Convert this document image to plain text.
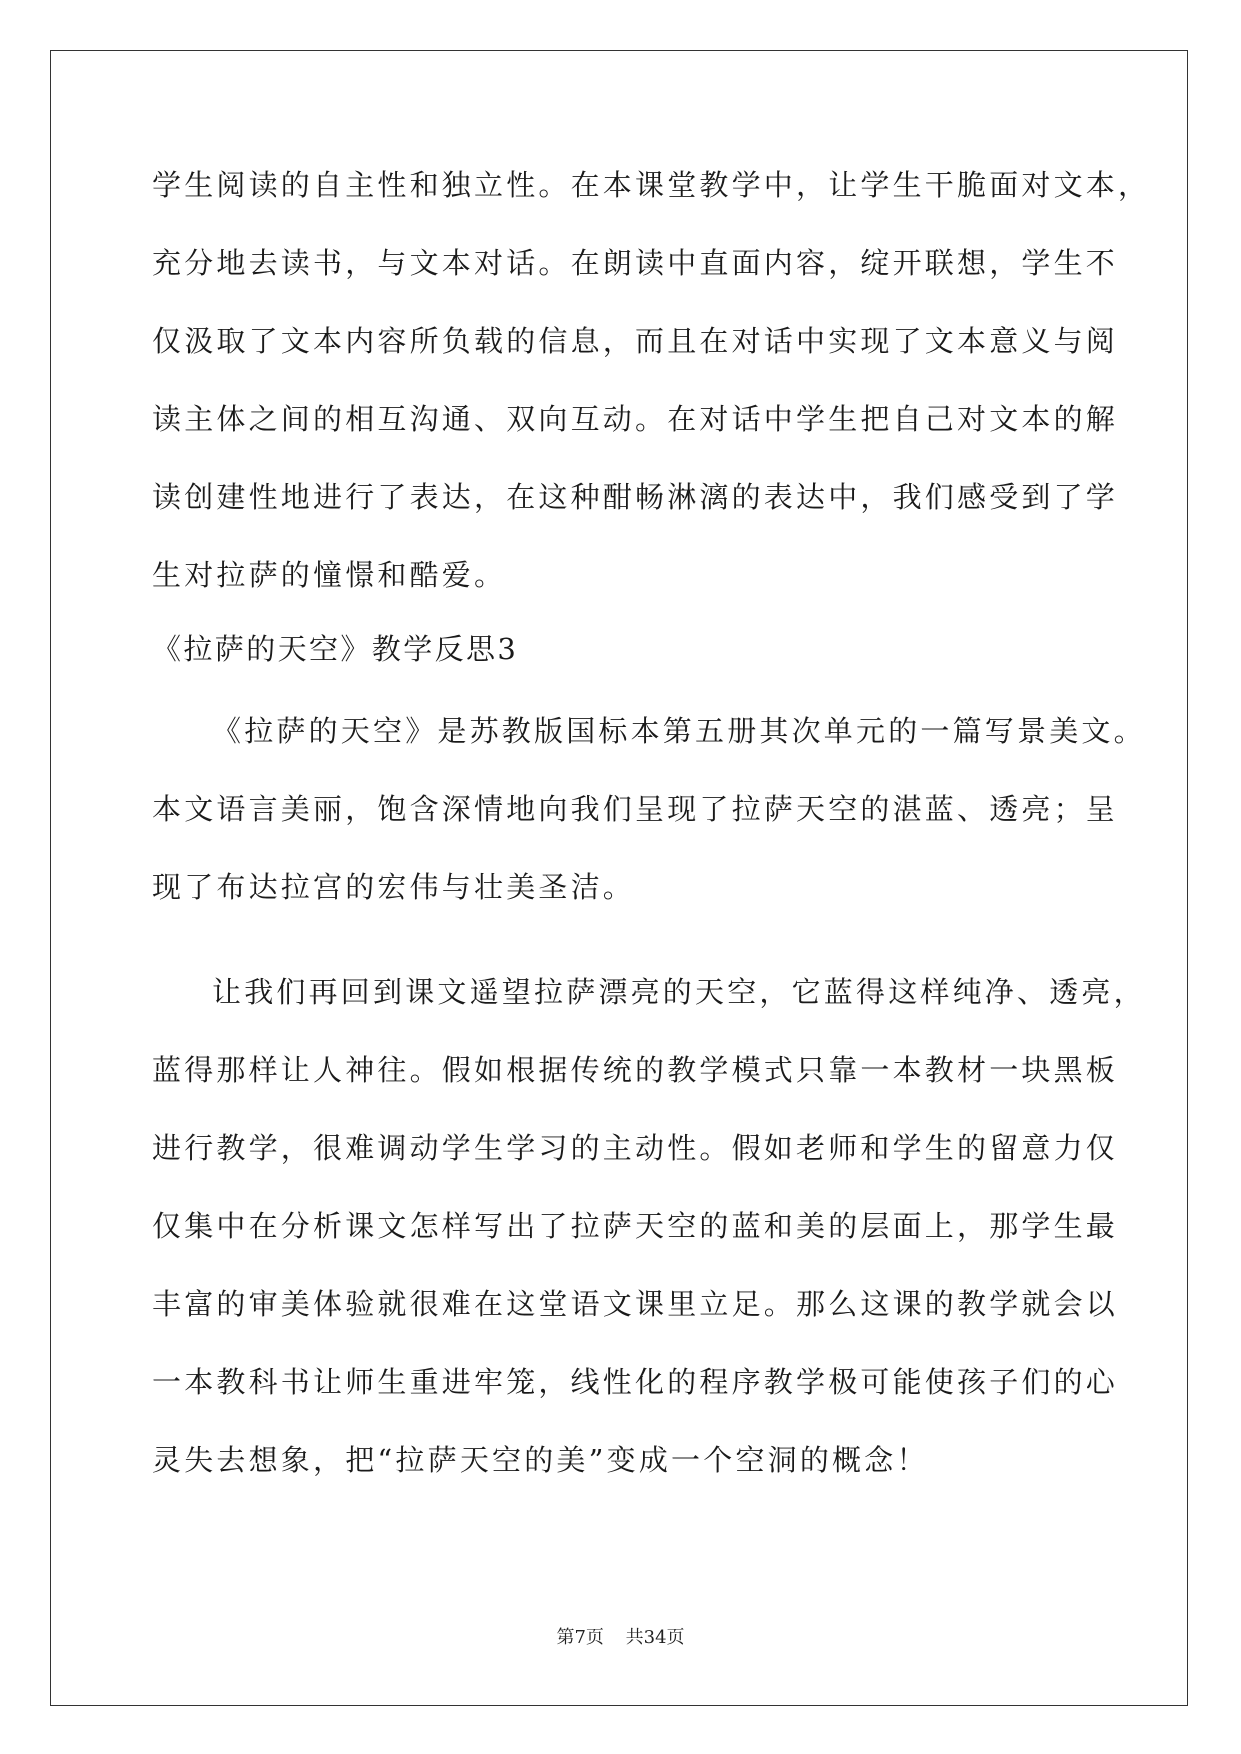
学生阅读的自主性和独立性。在本课堂教学中，让学生干脆面对文本，
充分地去读书，与文本对话。在朗读中直面内容，绽开联想，学生不
仅汲取了文本内容所负载的信息，而且在对话中实现了文本意义与阅
读主体之间的相互沟通、双向互动。在对话中学生把自己对文本的解
读创建性地进行了表达，在这种酣畅淋漓的表达中，我们感受到了学
生对拉萨的憧憬和酷爱。
《拉萨的天空》教学反思3
《拉萨的天空》是苏教版国标本第五册其次单元的一篇写景美文。
本文语言美丽，饱含深情地向我们呈现了拉萨天空的湛蓝、透亮；呈
现了布达拉宫的宏伟与壮美圣洁。
让我们再回到课文遥望拉萨漂亮的天空，它蓝得这样纯净、透亮，
蓝得那样让人神往。假如根据传统的教学模式只靠一本教材一块黑板
进行教学，很难调动学生学习的主动性。假如老师和学生的留意力仅
仅集中在分析课文怎样写出了拉萨天空的蓝和美的层面上，那学生最
丰富的审美体验就很难在这堂语文课里立足。那么这课的教学就会以
一本教科书让师生重进牢笼，线性化的程序教学极可能使孩子们的心
灵失去想象，把“拉萨天空的美”变成一个空洞的概念！
第7页 共34页
